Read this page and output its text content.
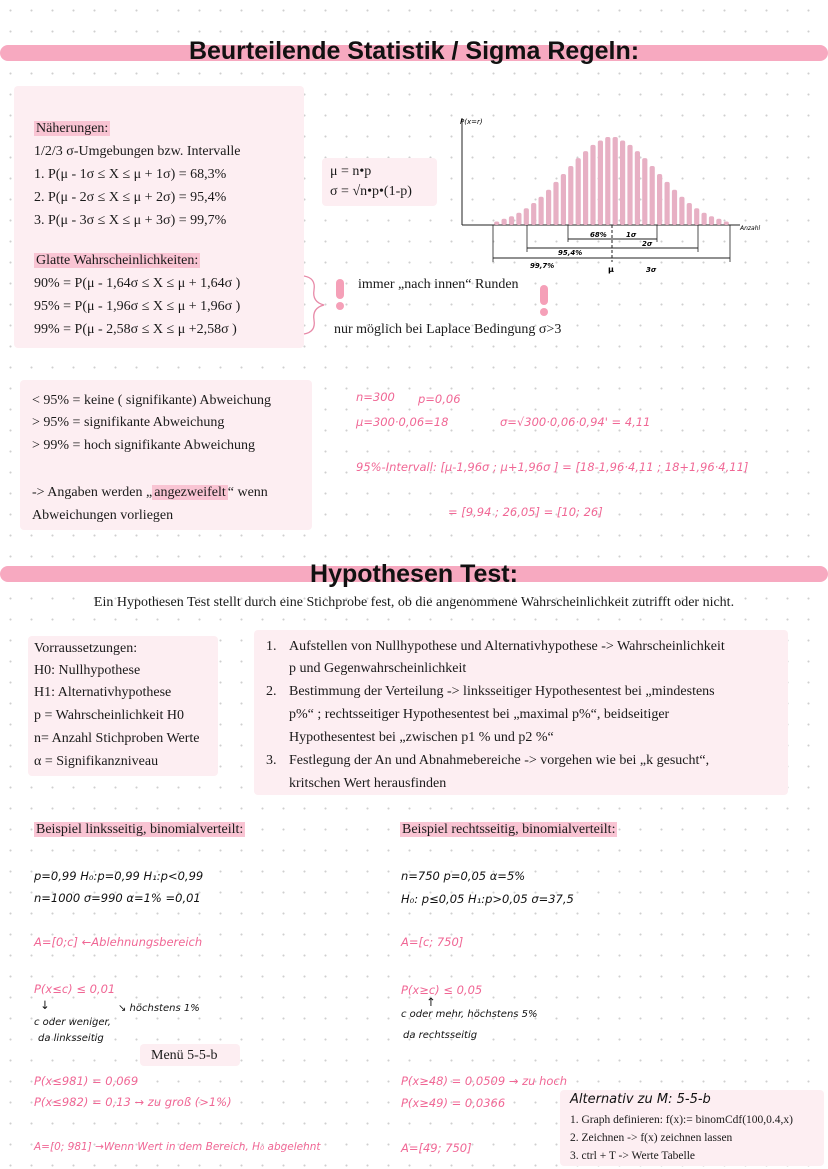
Beurteilende Statistik / Sigma Regeln:
Näherungen:
1/2/3 σ-Umgebungen bzw. Intervalle
1. P(μ - 1σ ≤ X ≤ μ + 1σ) = 68,3%
2. P(μ - 2σ ≤ X ≤ μ + 2σ) = 95,4%
3. P(μ - 3σ ≤ X ≤ μ + 3σ) = 99,7%
Glatte Wahrscheinlichkeiten:
90% = P(μ - 1,64σ ≤ X ≤ μ + 1,64σ )
95% = P(μ - 1,96σ ≤ X ≤ μ + 1,96σ )
99% = P(μ - 2,58σ ≤ X ≤ μ +2,58σ )
μ = n•p
σ = √n•p•(1-p)
immer „nach innen“ Runden
nur möglich bei Laplace Bedingung σ>3
P(x=r)
Anzahl
68%	1σ
95,4%
2σ
99,7%	μ	3σ
< 95% = keine ( signifikante) Abweichung
> 95% = signifikante Abweichung
> 99% = hoch signifikante Abweichung
-> Angaben werden „ angezweifelt “ wenn
Abweichungen vorliegen
n=300 p=0,06
μ=300·0,06=18	σ=√300·0,06·0,94' = 4,11
95%-Intervall: [μ-1,96σ ; μ+1,96σ ] = [18-1,96·4,11 ; 18+1,96·4,11]
= [9,94 ; 26,05] = [10; 26]
Hypothesen Test:
Ein Hypothesen Test stellt durch eine Stichprobe fest, ob die angenommene Wahrscheinlichkeit zutrifft oder nicht.
Vorraussetzungen:
H0: Nullhypothese
H1: Alternativhypothese
p = Wahrscheinlichkeit H0
n= Anzahl Stichproben Werte
α = Signifikanzniveau
1. Aufstellen von Nullhypothese und Alternativhypothese -> Wahrscheinlichkeit
p und Gegenwahrscheinlichkeit
2. Bestimmung der Verteilung -> linksseitiger Hypothesentest bei „mindestens
p%“ ; rechtsseitiger Hypothesentest bei „maximal p%“, beidseitiger
Hypothesentest bei „zwischen p1 % und p2 %“
3. Festlegung der An und Abnahmebereiche -> vorgehen wie bei „k gesucht“,
kritschen Wert herausfinden
Beispiel linksseitig, binomialverteilt:
p=0,99 H₀:p=0,99 H₁:p<0,99
n=1000 σ=990 α=1% =0,01
A=[0;c] ←Ablehnungsbereich
P(x≤c) ≤ 0,01
↓	↘ höchstens 1%
c oder weniger,
da linksseitig
Menü 5-5-b
P(x≤981) = 0,069
P(x≤982) = 0,13 → zu groß (>1%)
A=[0; 981] →Wenn Wert in dem Bereich, H₀ abgelehnt
Beispiel rechtsseitig, binomialverteilt:
n=750 p=0,05 α=5%
H₀: p≤0,05 H₁:p>0,05 σ=37,5
A=[c; 750]
P(x≥c) ≤ 0,05
↑
c oder mehr, höchstens 5%
da rechtsseitig
P(x≥48) = 0,0509 → zu hoch
P(x≥49) = 0,0366
A=[49; 750]
Alternativ zu M: 5-5-b
1. Graph definieren: f(x):= binomCdf(100,0.4,x)
2. Zeichnen -> f(x) zeichnen lassen
3. ctrl + T -> Werte Tabelle
